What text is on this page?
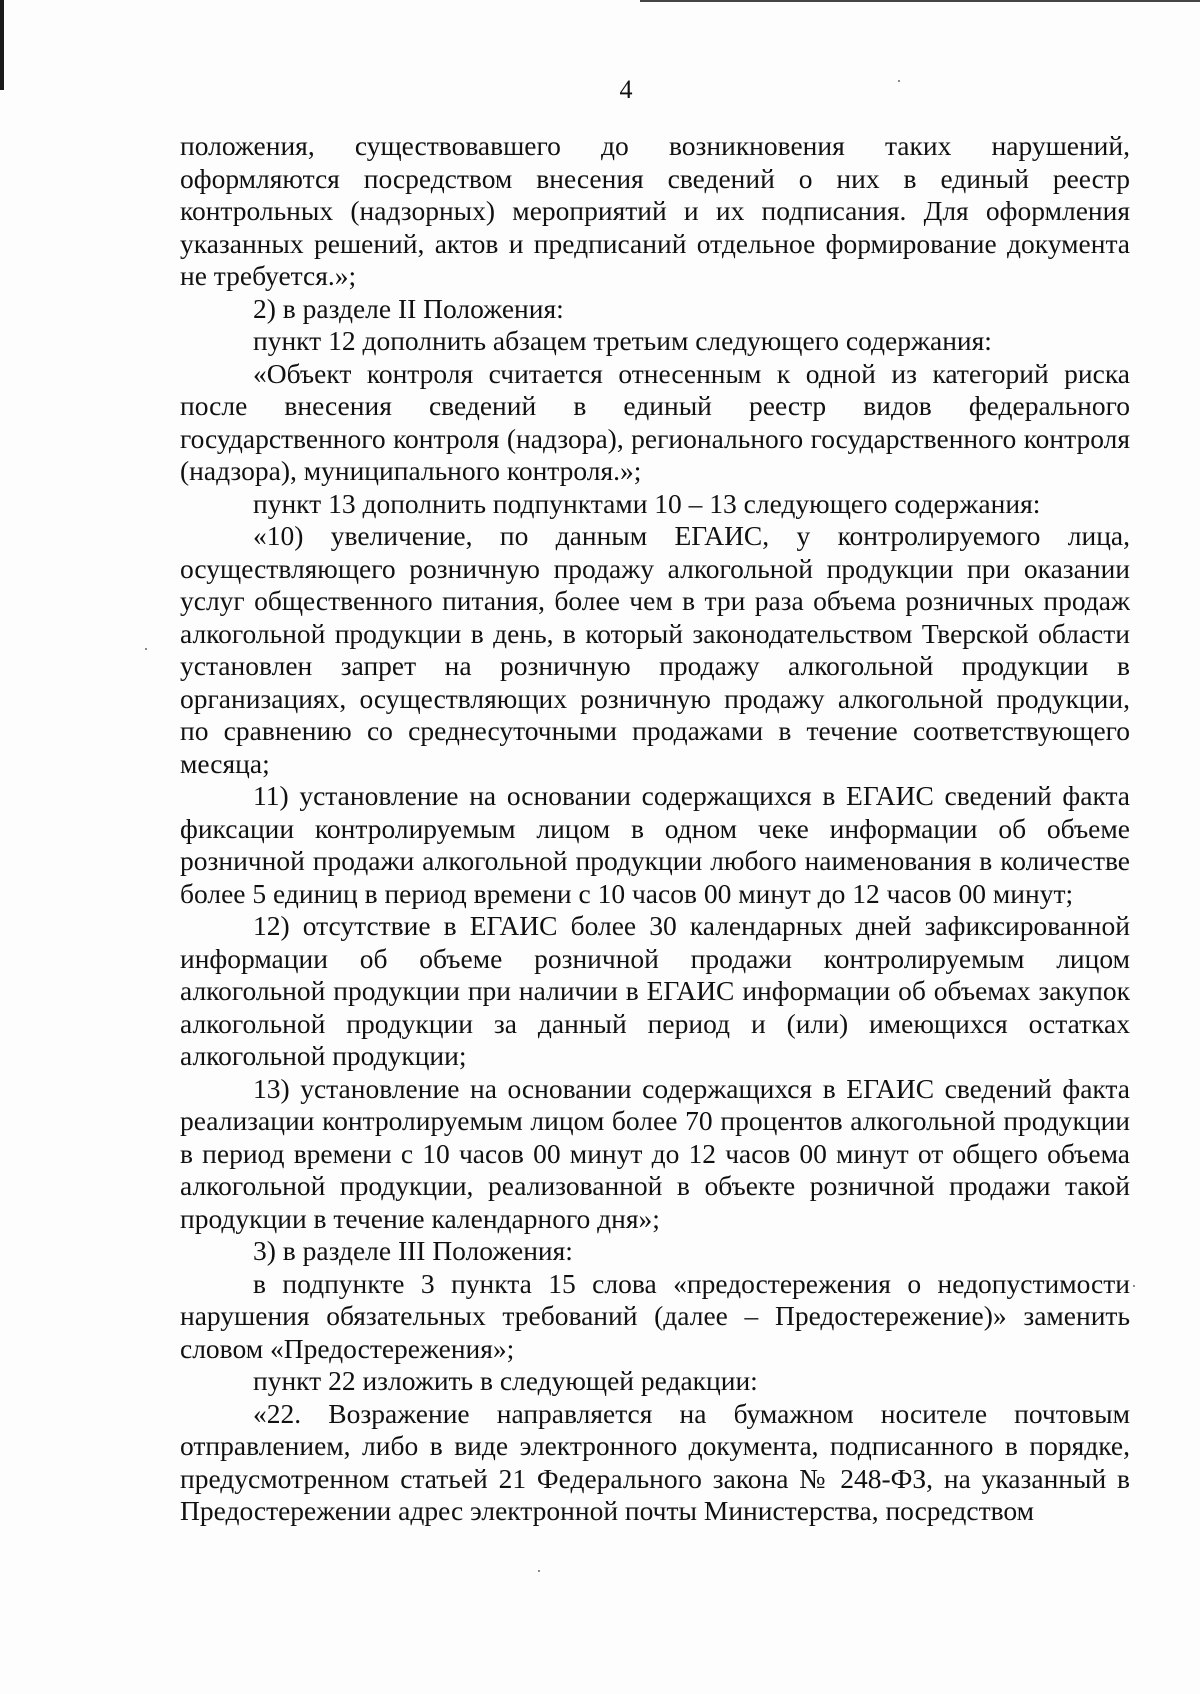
4

положения, существовавшего до возникновения таких нарушений, оформляются посредством внесения сведений о них в единый реестр контрольных (надзорных) мероприятий и их подписания. Для оформления указанных решений, актов и предписаний отдельное формирование документа не требуется.»;

2) в разделе II Положения:

пункт 12 дополнить абзацем третьим следующего содержания:

«Объект контроля считается отнесенным к одной из категорий риска после внесения сведений в единый реестр видов федерального государственного контроля (надзора), регионального государственного контроля (надзора), муниципального контроля.»;

пункт 13 дополнить подпунктами 10 – 13 следующего содержания:

«10) увеличение, по данным ЕГАИС, у контролируемого лица, осуществляющего розничную продажу алкогольной продукции при оказании услуг общественного питания, более чем в три раза объема розничных продаж алкогольной продукции в день, в который законодательством Тверской области установлен запрет на розничную продажу алкогольной продукции в организациях, осуществляющих розничную продажу алкогольной продукции, по сравнению со среднесуточными продажами в течение соответствующего месяца;

11) установление на основании содержащихся в ЕГАИС сведений факта фиксации контролируемым лицом в одном чеке информации об объеме розничной продажи алкогольной продукции любого наименования в количестве более 5 единиц в период времени с 10 часов 00 минут до 12 часов 00 минут;

12) отсутствие в ЕГАИС более 30 календарных дней зафиксированной информации об объеме розничной продажи контролируемым лицом алкогольной продукции при наличии в ЕГАИС информации об объемах закупок алкогольной продукции за данный период и (или) имеющихся остатках алкогольной продукции;

13) установление на основании содержащихся в ЕГАИС сведений факта реализации контролируемым лицом более 70 процентов алкогольной продукции в период времени с 10 часов 00 минут до 12 часов 00 минут от общего объема алкогольной продукции, реализованной в объекте розничной продажи такой продукции в течение календарного дня»;

3) в разделе III Положения:

в подпункте 3 пункта 15 слова «предостережения о недопустимости нарушения обязательных требований (далее – Предостережение)» заменить словом «Предостережения»;

пункт 22 изложить в следующей редакции:

«22. Возражение направляется на бумажном носителе почтовым отправлением, либо в виде электронного документа, подписанного в порядке, предусмотренном статьей 21 Федерального закона № 248-ФЗ, на указанный в Предостережении адрес электронной почты Министерства, посредством
